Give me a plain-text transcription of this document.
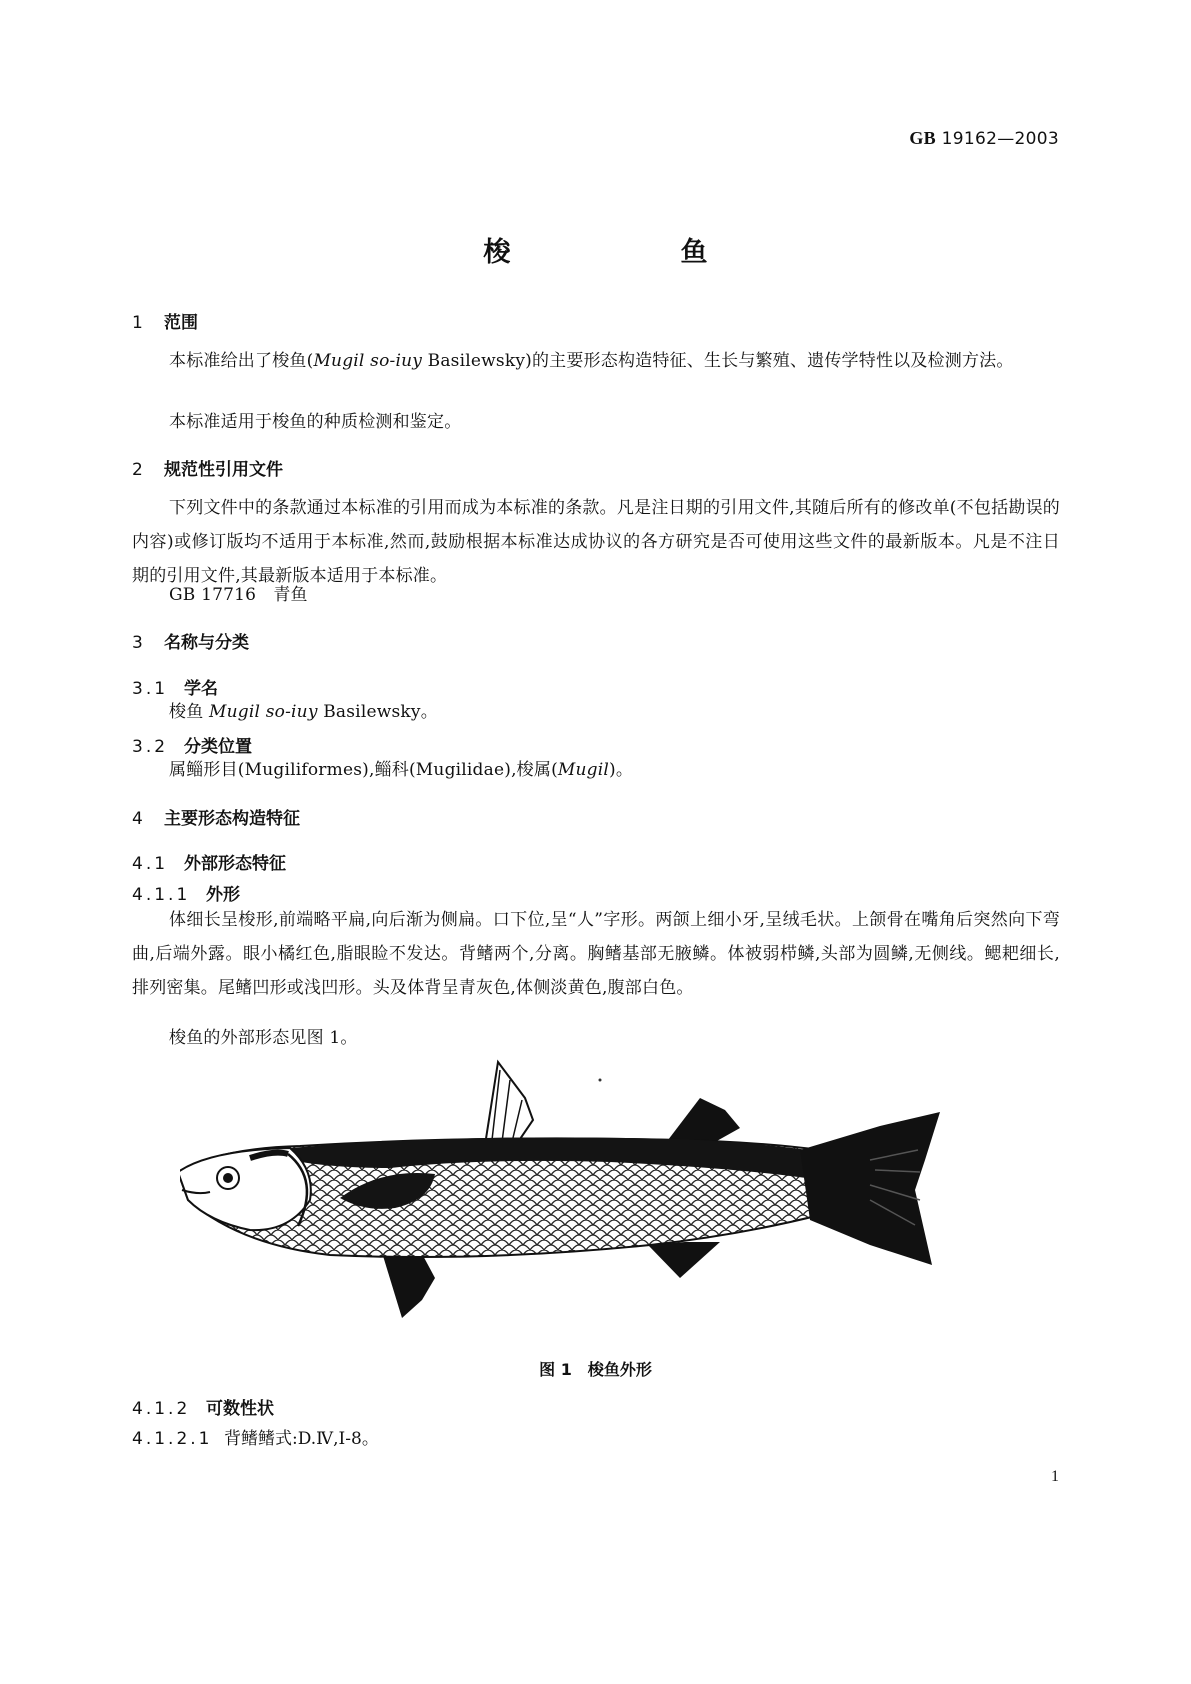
GB 19162—2003
梭鱼
1 范围
本标准给出了梭鱼(Mugil so-iuy Basilewsky)的主要形态构造特征、生长与繁殖、遗传学特性以及检测方法。
本标准适用于梭鱼的种质检测和鉴定。
2 规范性引用文件
下列文件中的条款通过本标准的引用而成为本标准的条款。凡是注日期的引用文件,其随后所有的修改单(不包括勘误的内容)或修订版均不适用于本标准,然而,鼓励根据本标准达成协议的各方研究是否可使用这些文件的最新版本。凡是不注日期的引用文件,其最新版本适用于本标准。
GB 17716　青鱼
3 名称与分类
3.1 学名
梭鱼 Mugil so-iuy Basilewsky。
3.2 分类位置
属鲻形目(Mugiliformes),鲻科(Mugilidae),梭属(Mugil)。
4 主要形态构造特征
4.1 外部形态特征
4.1.1 外形
体细长呈梭形,前端略平扁,向后渐为侧扁。口下位,呈“人”字形。两颌上细小牙,呈绒毛状。上颌骨在嘴角后突然向下弯曲,后端外露。眼小橘红色,脂眼睑不发达。背鳍两个,分离。胸鳍基部无腋鳞。体被弱栉鳞,头部为圆鳞,无侧线。鳃耙细长,排列密集。尾鳍凹形或浅凹形。头及体背呈青灰色,体侧淡黄色,腹部白色。
梭鱼的外部形态见图 1。
图 1　梭鱼外形
4.1.2 可数性状
4.1.2.1 背鳍鳍式:D.Ⅳ,Ⅰ-8。
1
